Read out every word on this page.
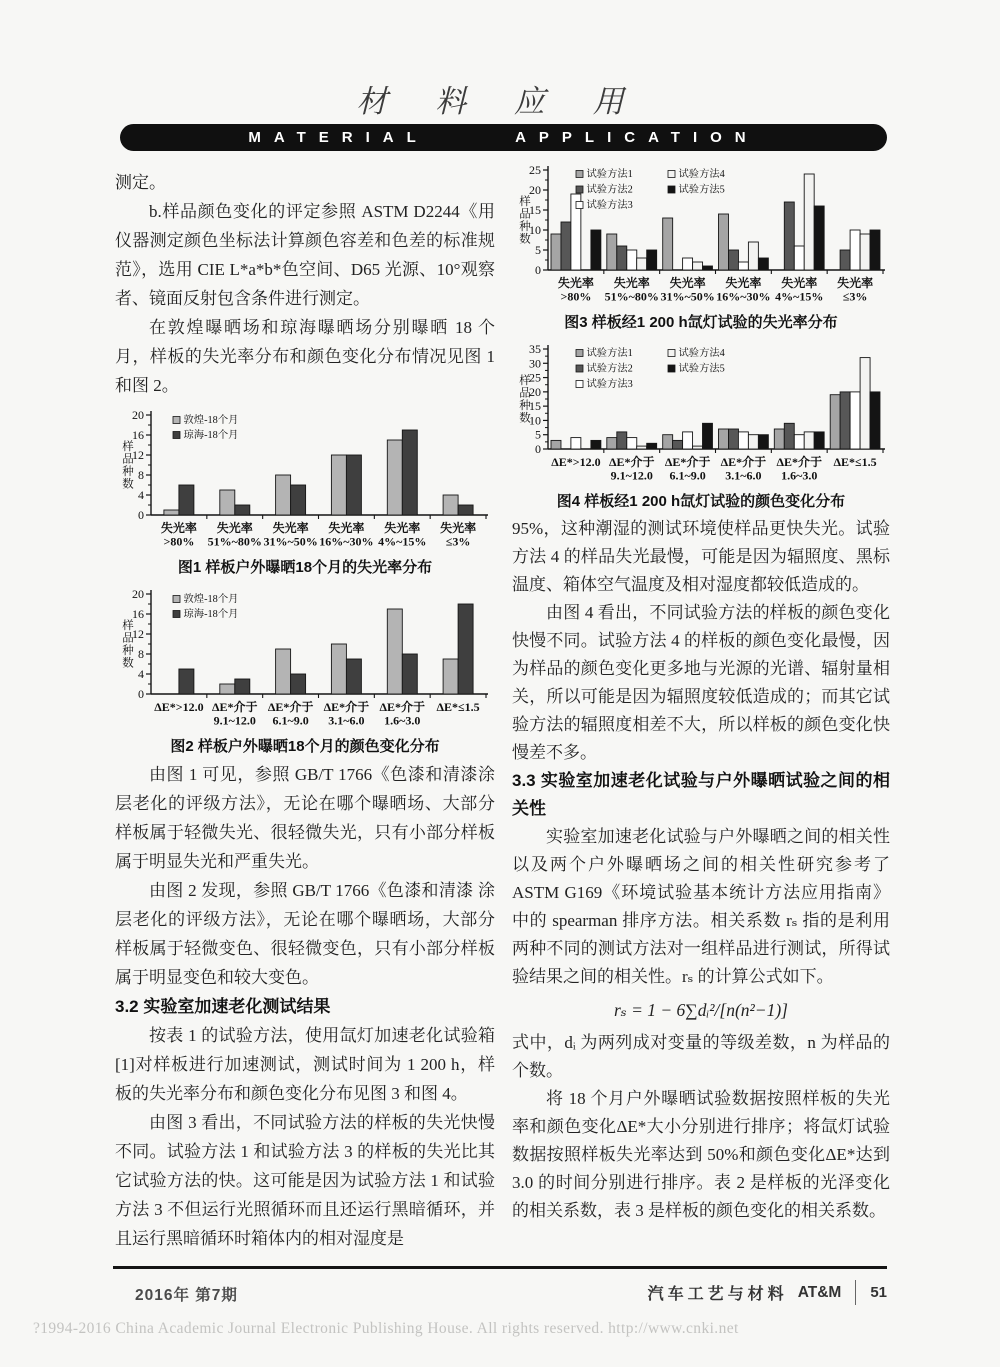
材 料 应 用
MATERIAL APPLICATION

测定。

b.样品颜色变化的评定参照 ASTM D2244《用仪器测定颜色坐标法计算颜色容差和色差的标准规范》，选用 CIE L*a*b*色空间、D65 光源、10°观察者、镜面反射包含条件进行测定。

在敦煌曝晒场和琼海曝晒场分别曝晒 18 个月，样板的失光率分布和颜色变化分布情况见图 1 和图 2。

0
4
8
12
16
20
样
品
种
数
失光率
>80%
失光率
51%~80%
失光率
31%~50%
失光率
16%~30%
失光率
4%~15%
失光率
≤3%
敦煌-18个月
琼海-18个月
图1 样板户外曝晒18个月的失光率分布
0
4
8
12
16
20
样
品
种
数
ΔE*>12.0 ΔE*介于
9.1~12.0
ΔE*介于
6.1~9.0
ΔE*介于
3.1~6.0
ΔE*介于
1.6~3.0
ΔE*≤1.5
敦煌-18个月
琼海-18个月
图2 样板户外曝晒18个月的颜色变化分布

由图 1 可见，参照 GB/T 1766《色漆和清漆涂层老化的评级方法》，无论在哪个曝晒场、大部分样板属于轻微失光、很轻微失光，只有小部分样板属于明显失光和严重失光。

由图 2 发现，参照 GB/T 1766《色漆和清漆 涂层老化的评级方法》，无论在哪个曝晒场，大部分样板属于轻微变色、很轻微变色，只有小部分样板属于明显变色和较大变色。

3.2 实验室加速老化测试结果

按表 1 的试验方法，使用氙灯加速老化试验箱[1]对样板进行加速测试，测试时间为 1 200 h，样板的失光率分布和颜色变化分布见图 3 和图 4。

由图 3 看出，不同试验方法的样板的失光快慢不同。试验方法 1 和试验方法 3 的样板的失光比其它试验方法的快。这可能是因为试验方法 1 和试验方法 3 不但运行光照循环而且还运行黑暗循环，并且运行黑暗循环时箱体内的相对湿度是

0
5
10
15
20
25
样
品
种
数
失光率
>80%
失光率
51%~80%
失光率
31%~50%
失光率
16%~30%
失光率
4%~15%
失光率
≤3%
试验方法1
试验方法2
试验方法3
试验方法4
试验方法5
图3 样板经1 200 h氙灯试验的失光率分布
0
5
10
15
20
25
30
35
样
品
种
数
ΔE*>12.0 ΔE*介于
9.1~12.0
ΔE*介于
6.1~9.0
ΔE*介于
3.1~6.0
ΔE*介于
1.6~3.0
ΔE*≤1.5
试验方法1
试验方法2
试验方法3
试验方法4
试验方法5
图4 样板经1 200 h氙灯试验的颜色变化分布

95%，这种潮湿的测试环境使样品更快失光。试验方法 4 的样品失光最慢，可能是因为辐照度、黑标温度、箱体空气温度及相对湿度都较低造成的。

由图 4 看出，不同试验方法的样板的颜色变化快慢不同。试验方法 4 的样板的颜色变化最慢，因为样品的颜色变化更多地与光源的光谱、辐射量相关，所以可能是因为辐照度较低造成的；而其它试验方法的辐照度相差不大，所以样板的颜色变化快慢差不多。

3.3 实验室加速老化试验与户外曝晒试验之间的相关性

实验室加速老化试验与户外曝晒之间的相关性以及两个户外曝晒场之间的相关性研究参考了 ASTM G169《环境试验基本统计方法应用指南》中的 spearman 排序方法。相关系数 rₛ 指的是利用两种不同的测试方法对一组样品进行测试，所得试验结果之间的相关性。rₛ 的计算公式如下。

rₛ = 1 − 6∑dᵢ²/[n(n²−1)]

式中，dᵢ 为两列成对变量的等级差数，n 为样品的个数。

将 18 个月户外曝晒试验数据按照样板的失光率和颜色变化ΔE*大小分别进行排序；将氙灯试验数据按照样板失光率达到 50%和颜色变化ΔE*达到 3.0 的时间分别进行排序。表 2 是样板的光泽变化的相关系数，表 3 是样板的颜色变化的相关系数。

2016年 第7期	汽车工艺与材料 AT&M	51
?1994-2016 China Academic Journal Electronic Publishing House. All rights reserved. http://www.cnki.net
